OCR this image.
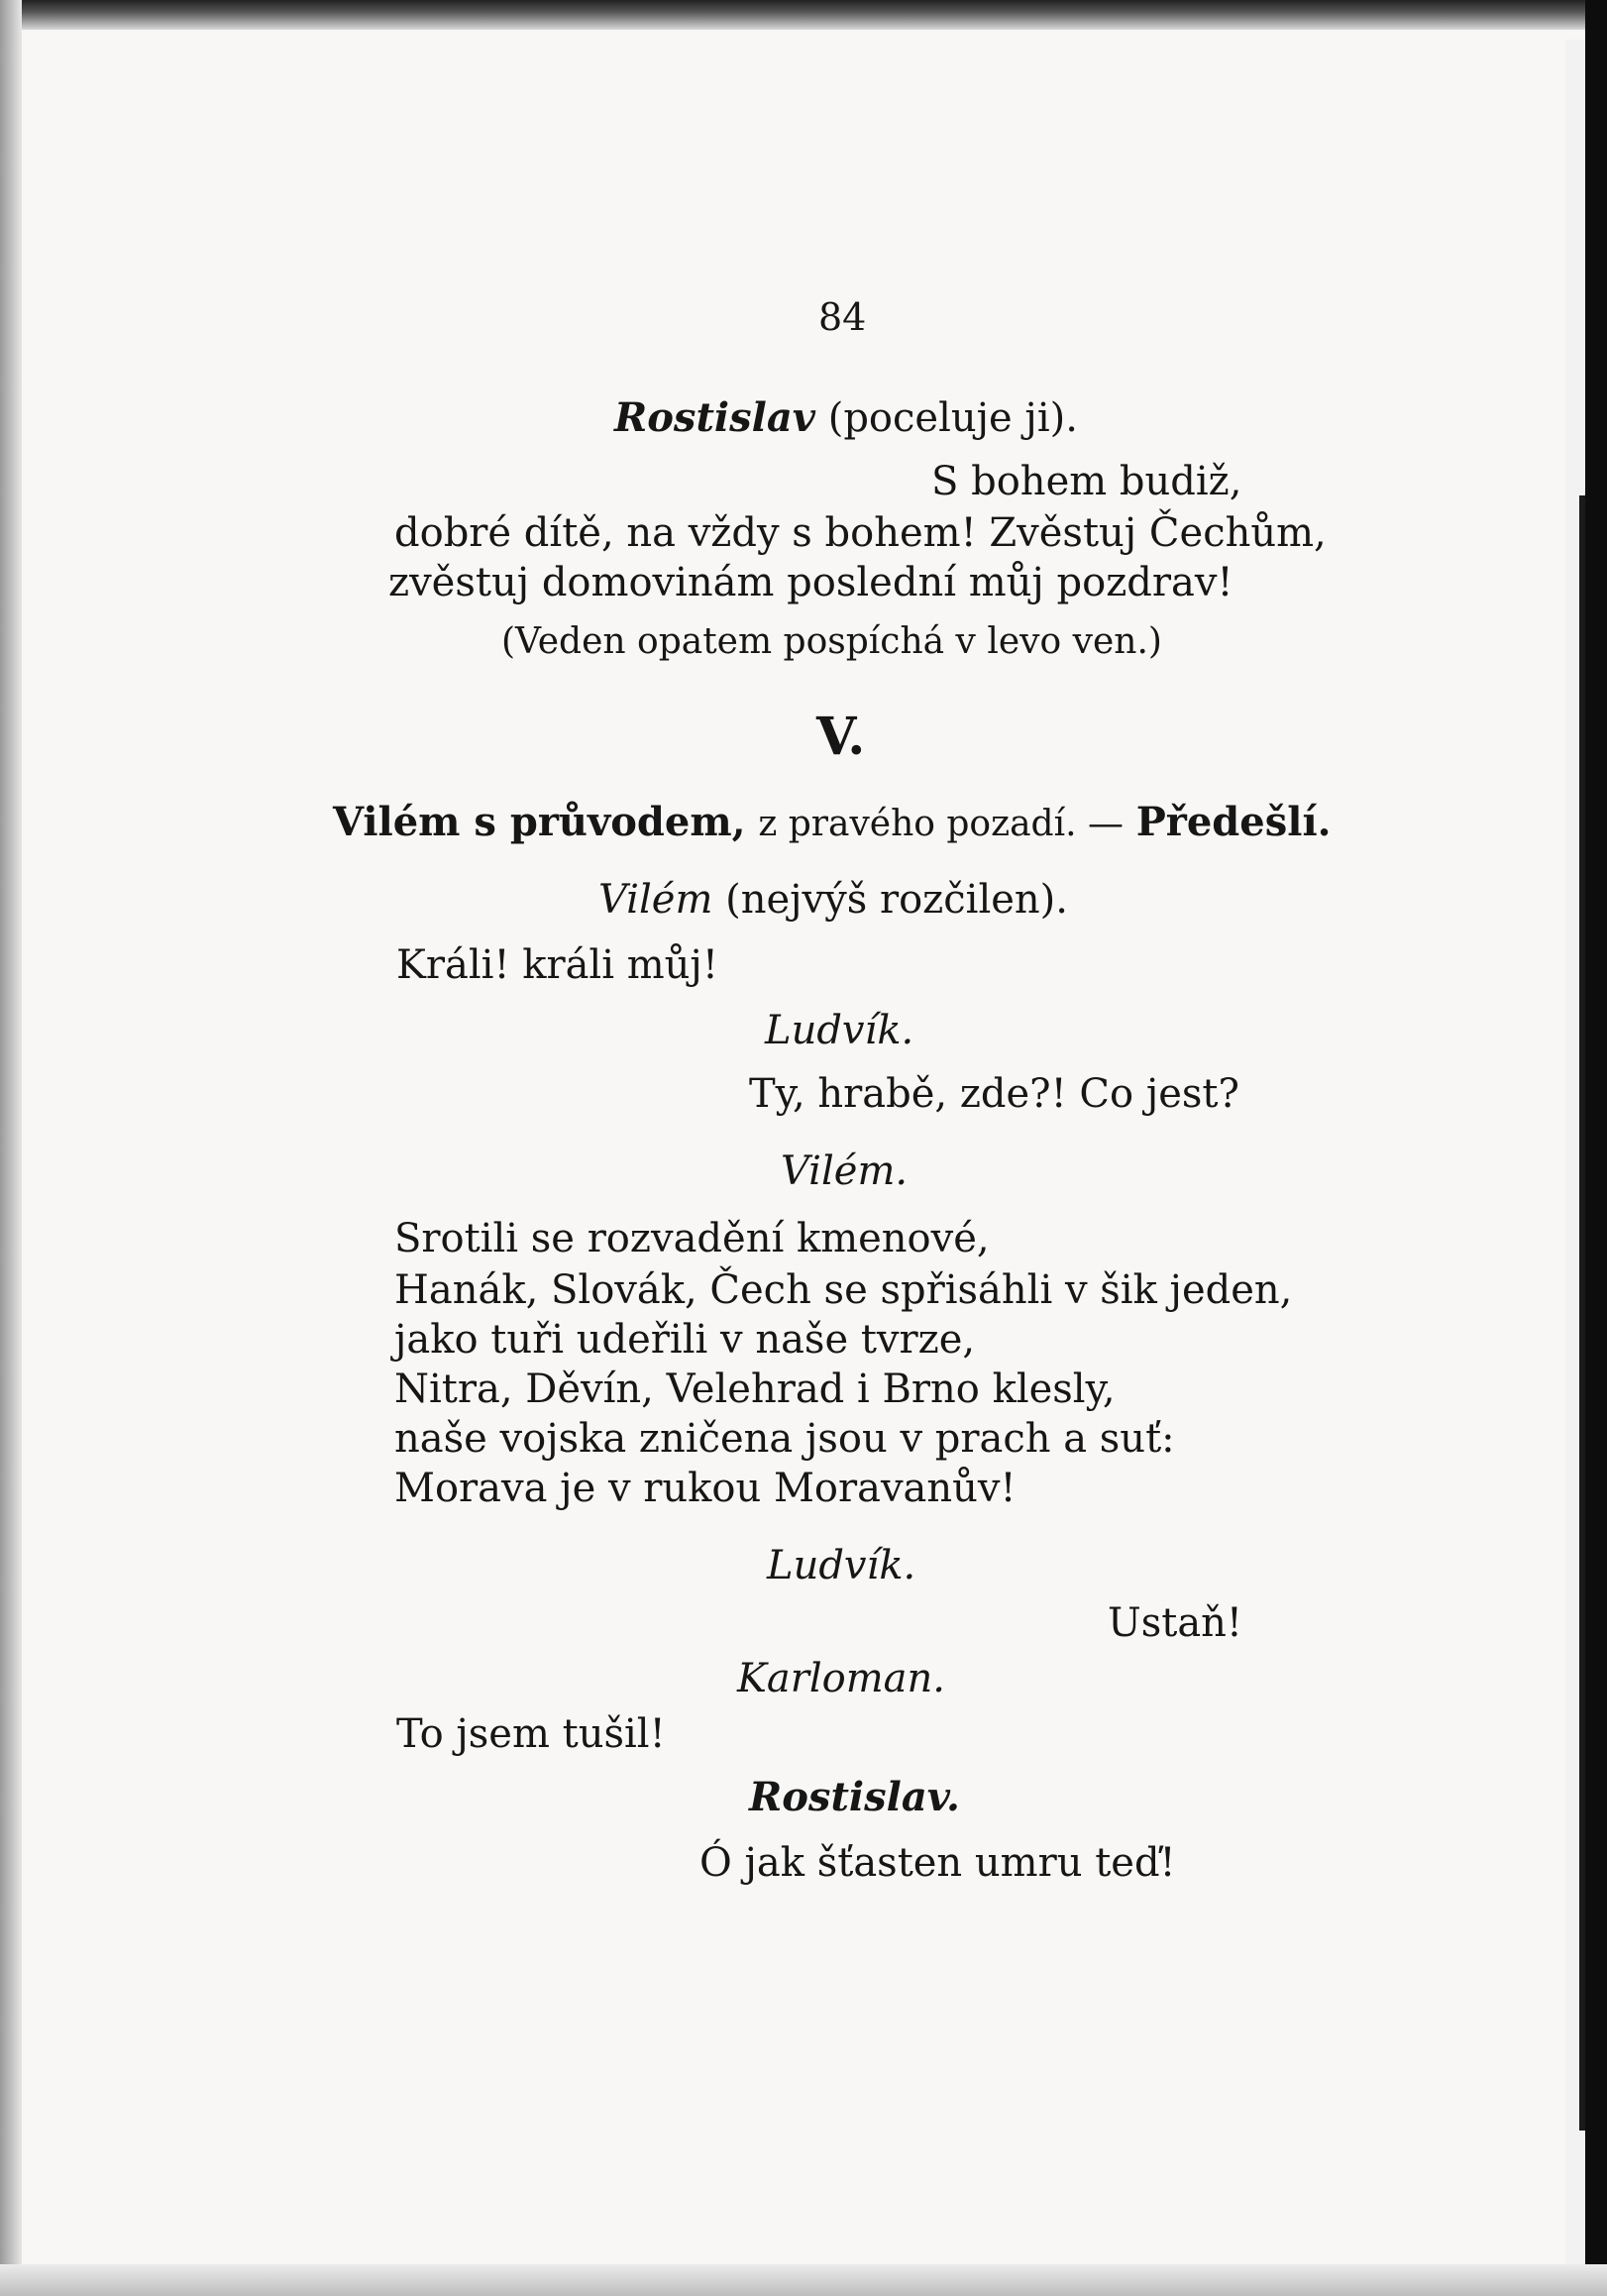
84

Rostislav (poceluje ji).

S bohem budiž,

dobré dítě, na vždy s bohem! Zvěstuj Čechům,

zvěstuj domovinám poslední můj pozdrav!

(Veden opatem pospíchá v levo ven.)

V.

Vilém s průvodem, z pravého pozadí. — Předešlí.

Vilém (nejvýš rozčilen).

Králi! králi můj!

Ludvík.

Ty, hrabě, zde?! Co jest?

Vilém.

Srotili se rozvadění kmenové,

Hanák, Slovák, Čech se spřisáhli v šik jeden,

jako tuři udeřili v naše tvrze,

Nitra, Děvín, Velehrad i Brno klesly,

naše vojska zničena jsou v prach a suť:

Morava je v rukou Moravanův!

Ludvík.

Ustaň!

Karloman.

To jsem tušil!

Rostislav.

Ó jak šťasten umru teď!
